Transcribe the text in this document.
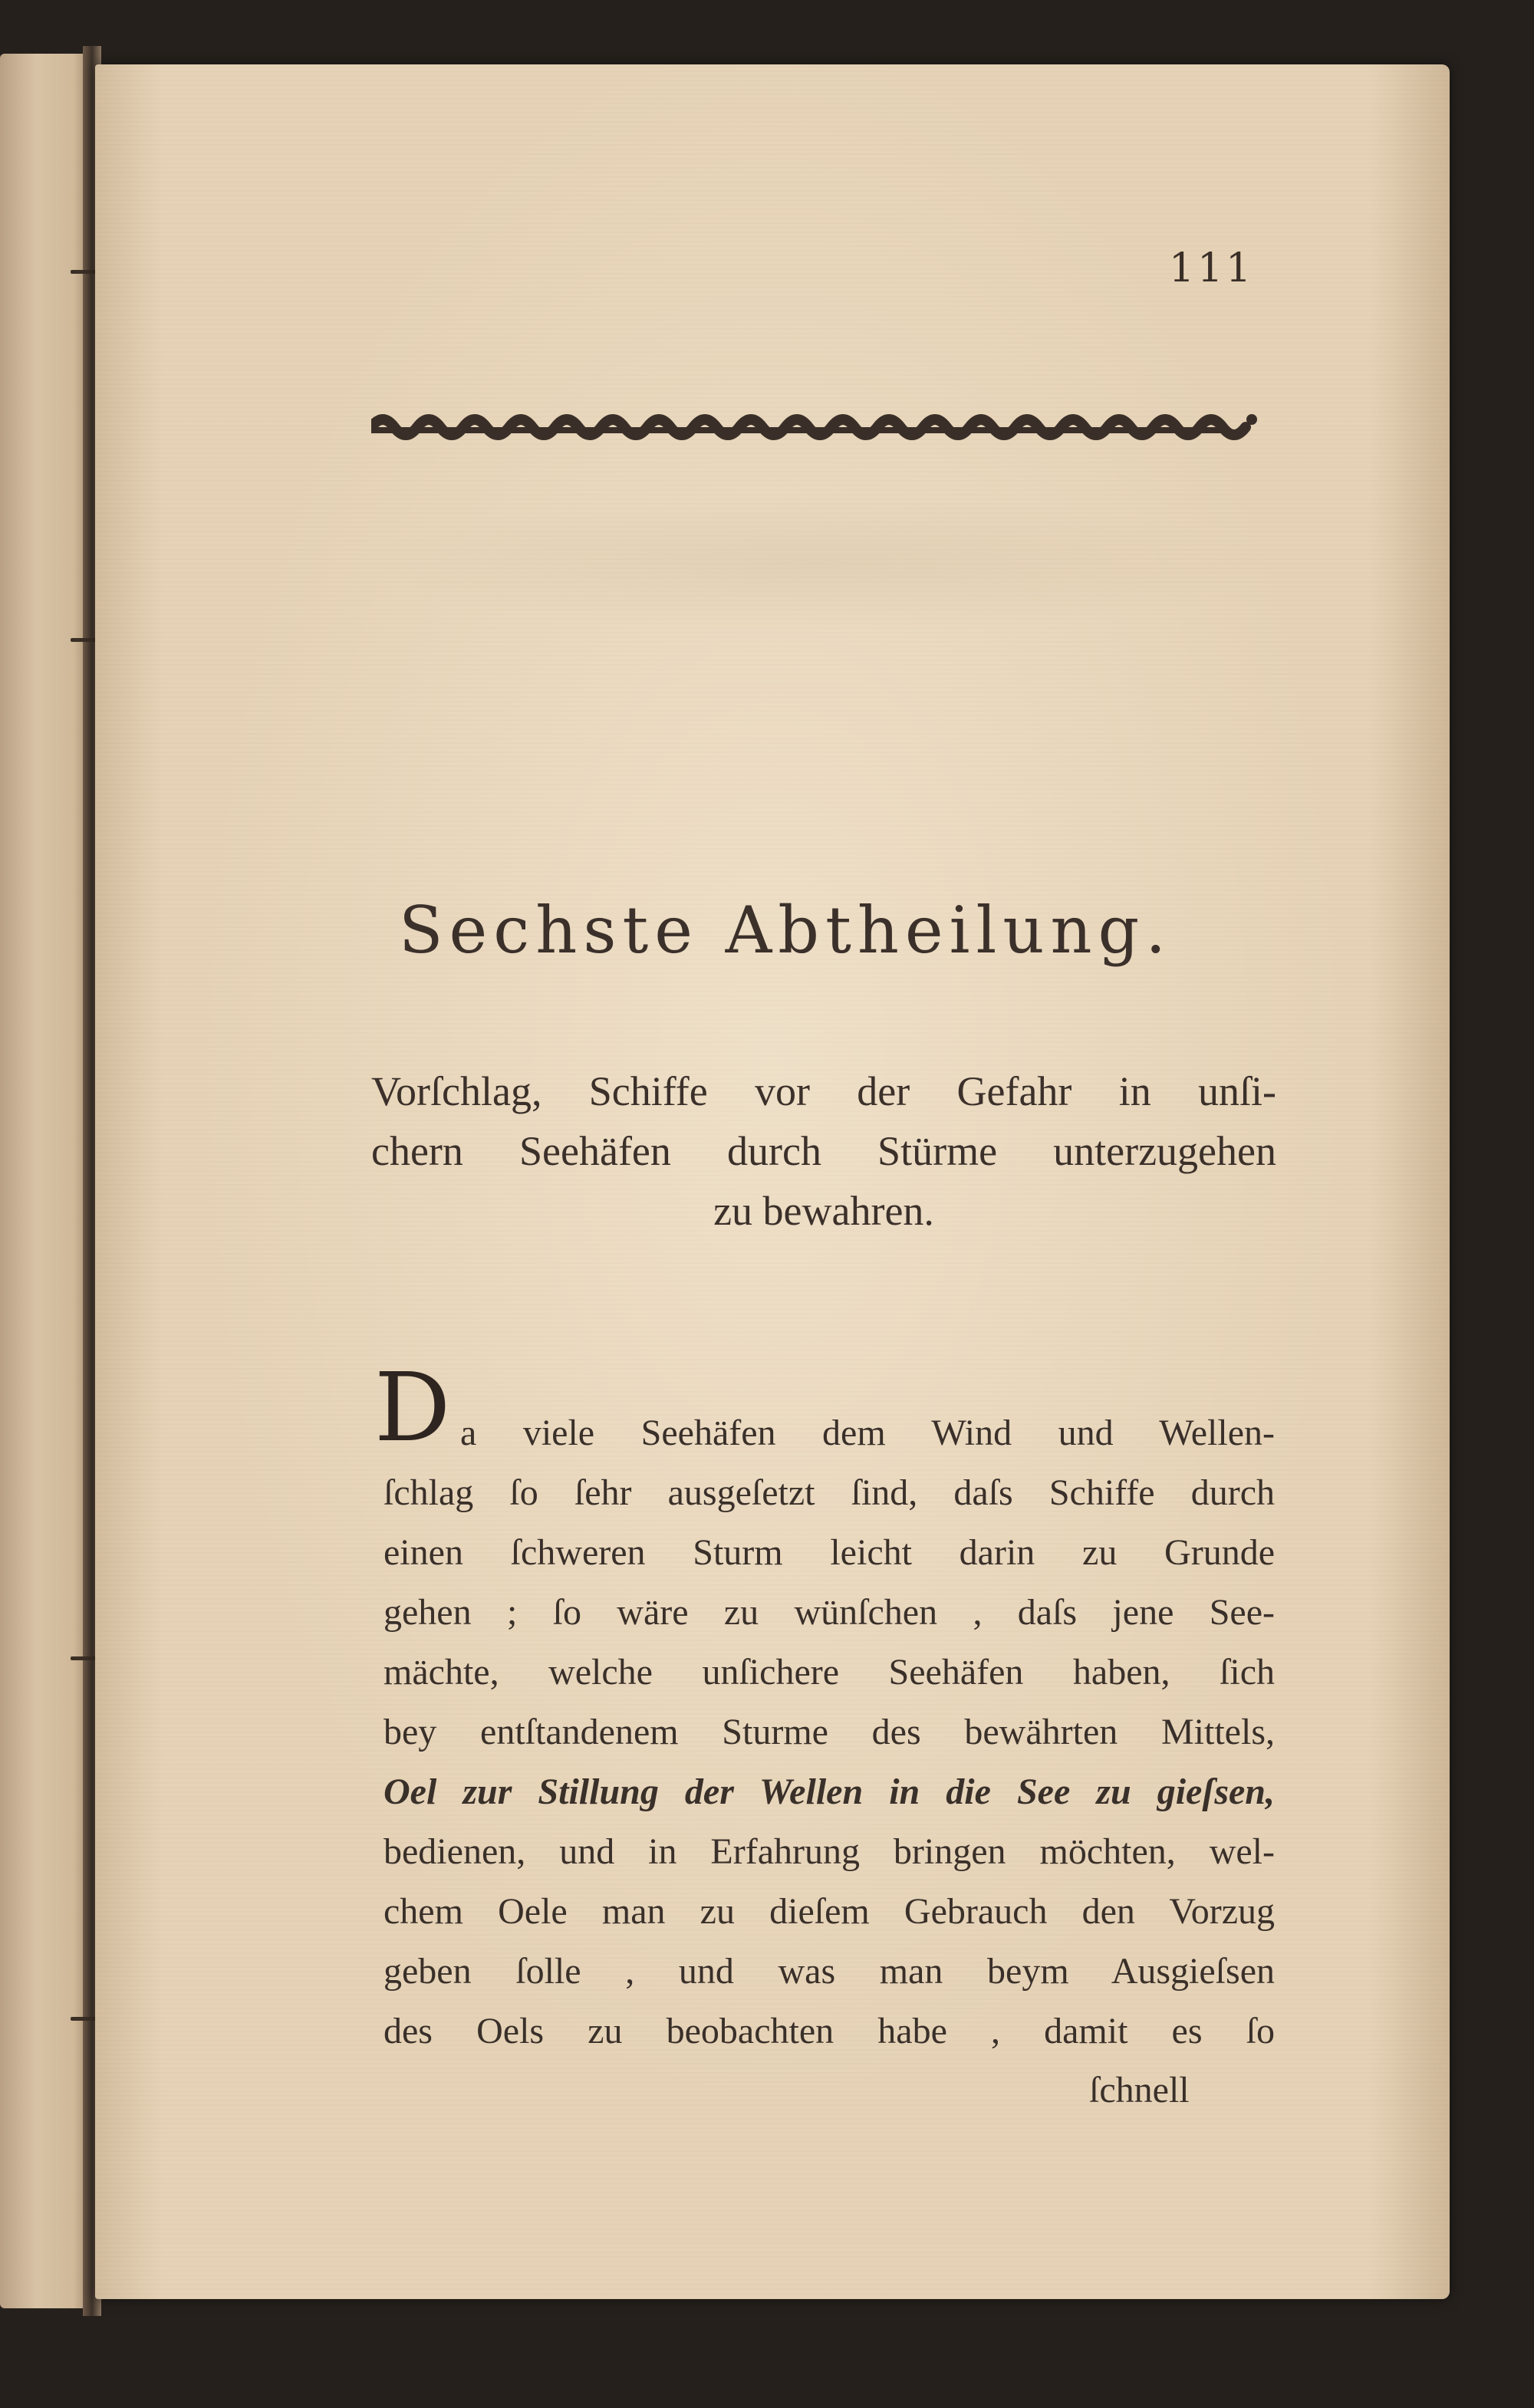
111
Sechste Abtheilung.
Vorſchlag, Schiffe vor der Gefahr in unſi-
chern Seehäfen durch Stürme unterzugehen
zu bewahren.
D a viele Seehäfen dem Wind und Wellen-
ſchlag ſo ſehr ausgeſetzt ſind, daſs Schiffe durch
einen ſchweren Sturm leicht darin zu Grunde
gehen ; ſo wäre zu wünſchen , daſs jene See-
mächte, welche unſichere Seehäfen haben, ſich
bey entſtandenem Sturme des bewährten Mittels,
Oel zur Stillung der Wellen in die See zu gieſsen,
bedienen, und in Erfahrung bringen möchten, wel-
chem Oele man zu dieſem Gebrauch den Vorzug
geben ſolle , und was man beym Ausgieſsen
des Oels zu beobachten habe , damit es ſo
ſchnell
